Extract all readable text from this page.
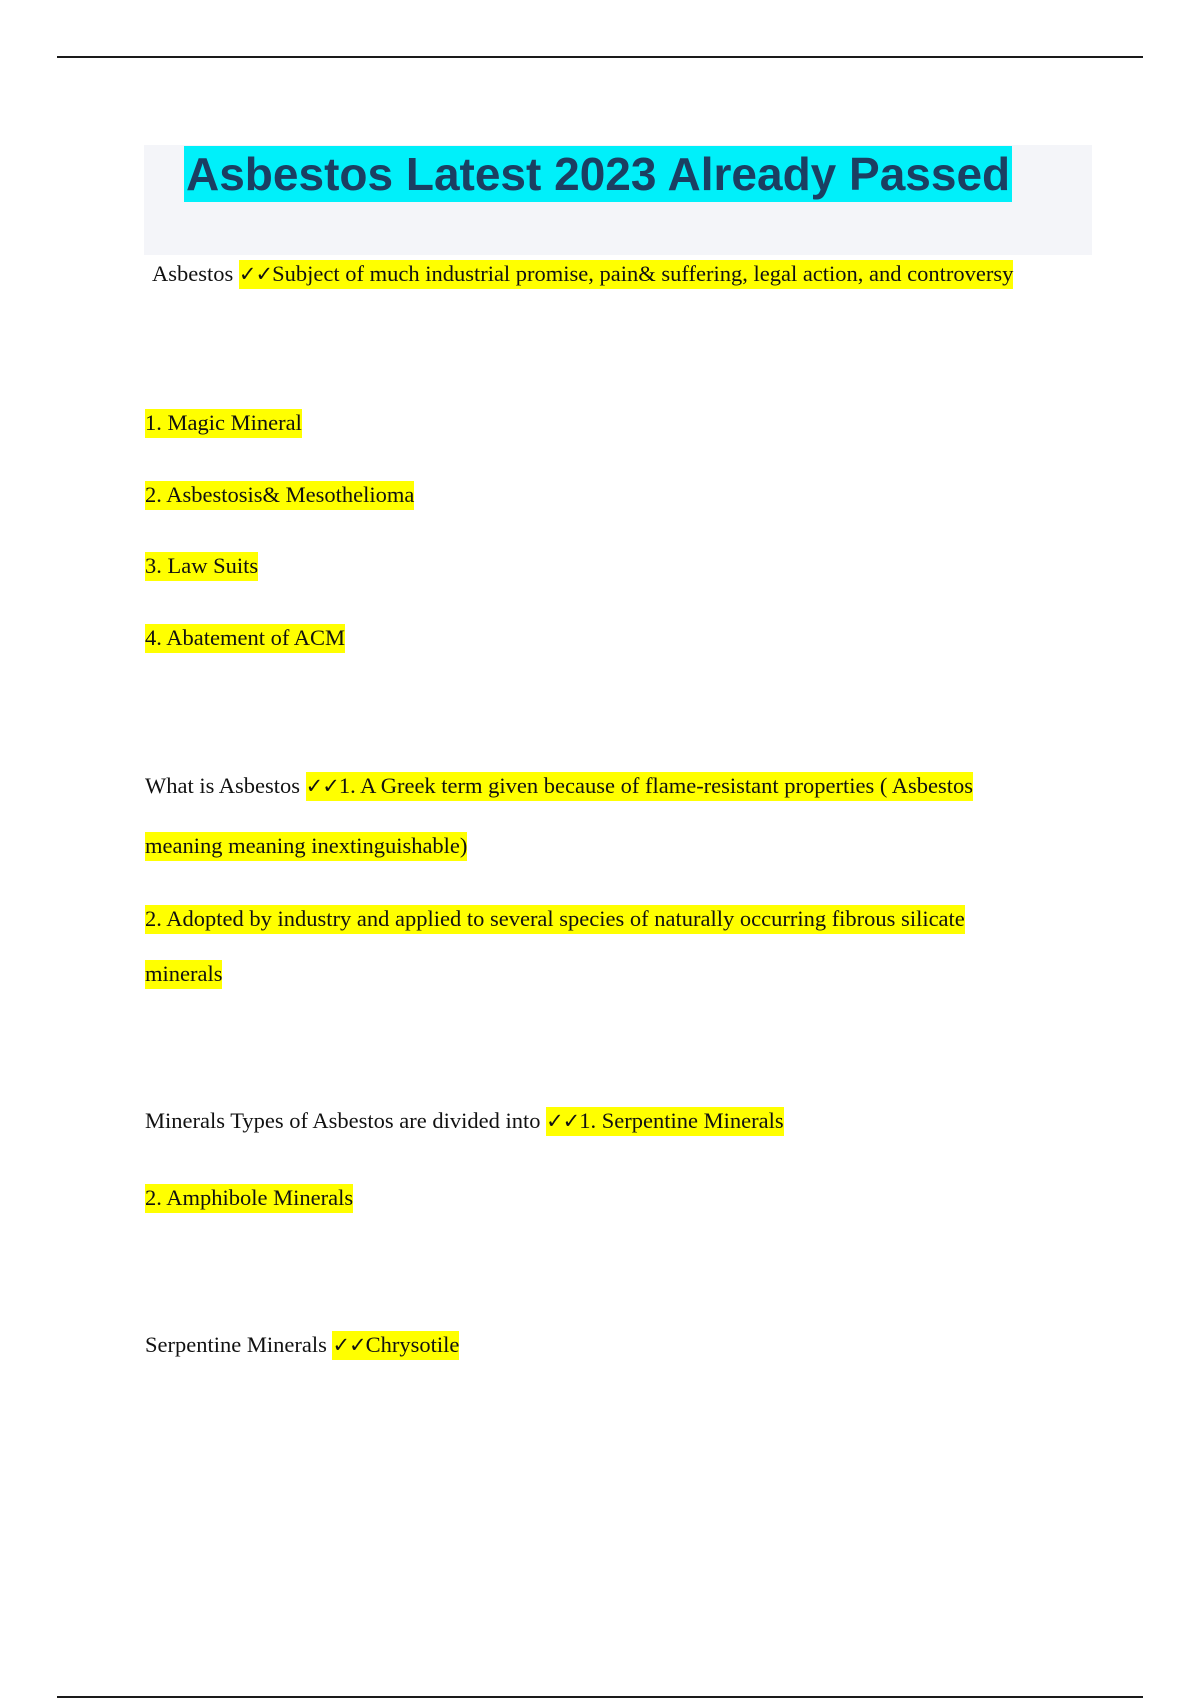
Asbestos Latest 2023 Already Passed
Asbestos ✓✓Subject of much industrial promise, pain& suffering, legal action, and controversy
1. Magic Mineral
2. Asbestosis& Mesothelioma
3. Law Suits
4. Abatement of ACM
What is Asbestos ✓✓1. A Greek term given because of flame-resistant properties ( Asbestos
meaning meaning inextinguishable)
2. Adopted by industry and applied to several species of naturally occurring fibrous silicate
minerals
Minerals Types of Asbestos are divided into ✓✓1. Serpentine Minerals
2. Amphibole Minerals
Serpentine Minerals ✓✓Chrysotile
